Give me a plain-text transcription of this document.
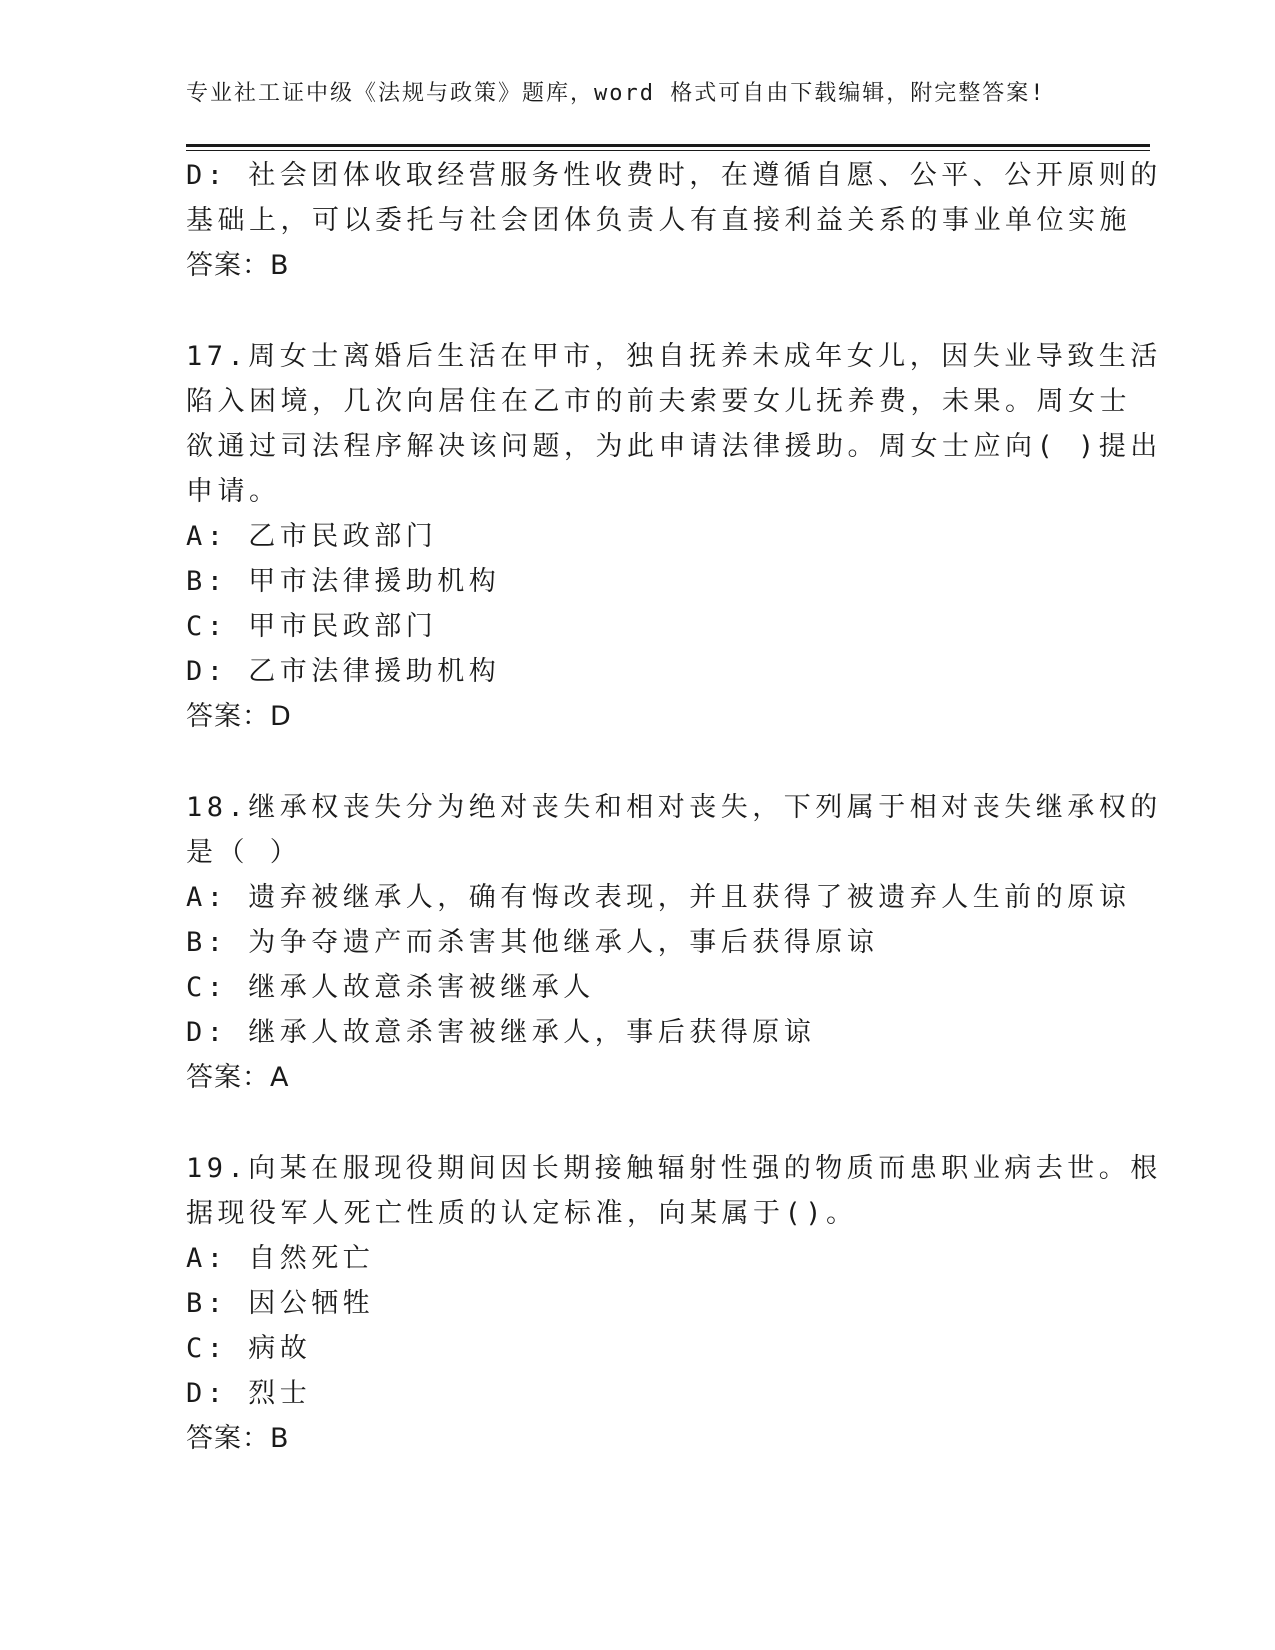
专业社工证中级《法规与政策》题库，word 格式可自由下载编辑，附完整答案!
D: 社会团体收取经营服务性收费时，在遵循自愿、公平、公开原则的
基础上，可以委托与社会团体负责人有直接利益关系的事业单位实施
答案：B
17.周女士离婚后生活在甲市，独自抚养未成年女儿，因失业导致生活
陷入困境，几次向居住在乙市的前夫索要女儿抚养费，未果。周女士
欲通过司法程序解决该问题，为此申请法律援助。周女士应向( )提出
申请。
A: 乙市民政部门
B: 甲市法律援助机构
C: 甲市民政部门
D: 乙市法律援助机构
答案：D
18.继承权丧失分为绝对丧失和相对丧失，下列属于相对丧失继承权的
是（ ）
A: 遗弃被继承人，确有悔改表现，并且获得了被遗弃人生前的原谅
B: 为争夺遗产而杀害其他继承人，事后获得原谅
C: 继承人故意杀害被继承人
D: 继承人故意杀害被继承人，事后获得原谅
答案：A
19.向某在服现役期间因长期接触辐射性强的物质而患职业病去世。根
据现役军人死亡性质的认定标准，向某属于()。
A: 自然死亡
B: 因公牺牲
C: 病故
D: 烈士
答案：B
